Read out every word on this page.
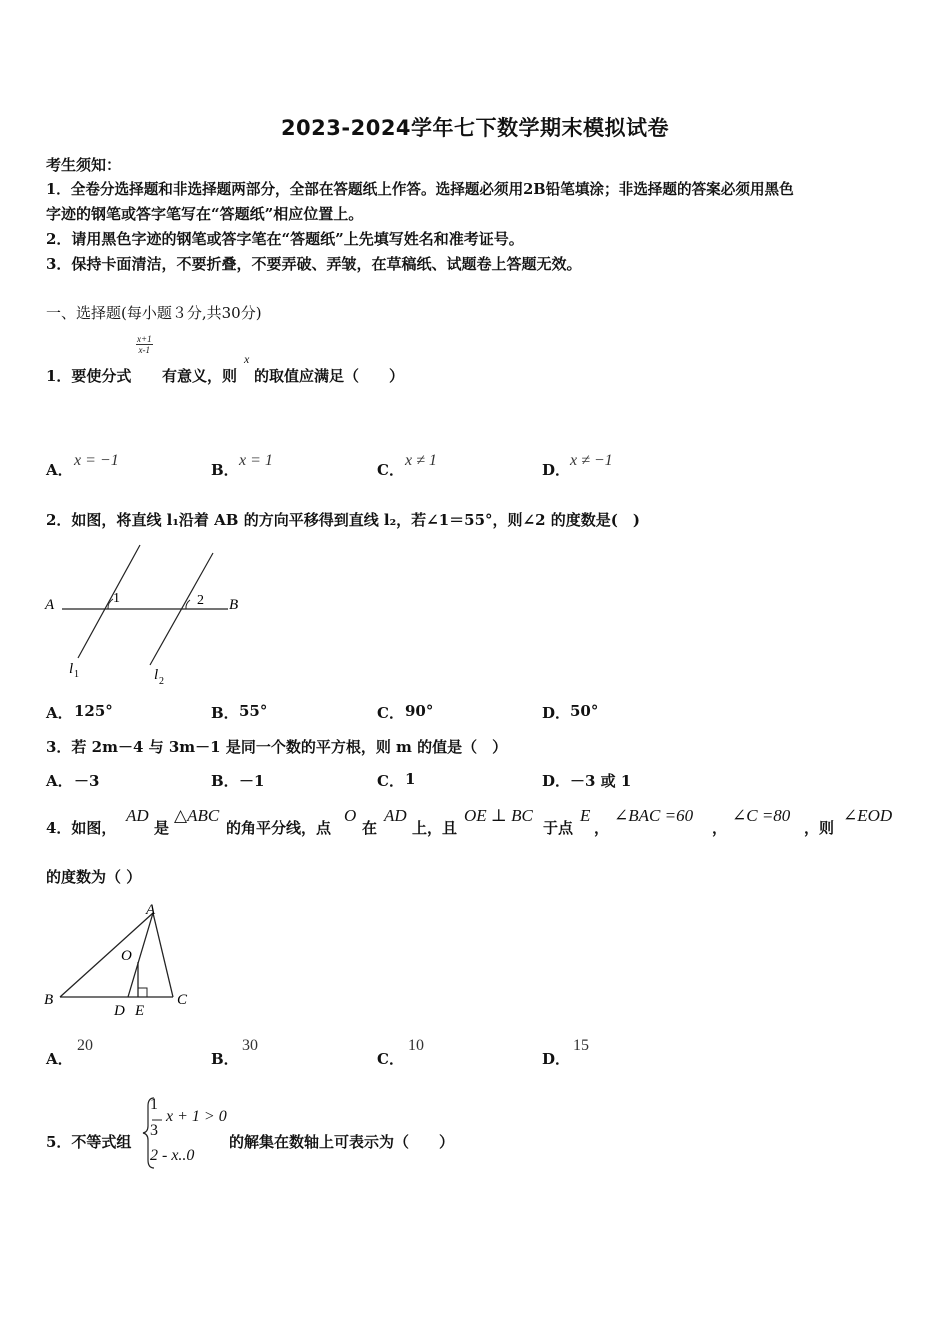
2023-2024学年七下数学期末模拟试卷
考生须知：
1．全卷分选择题和非选择题两部分，全部在答题纸上作答。选择题必须用2B铅笔填涂；非选择题的答案必须用黑色
字迹的钢笔或答字笔写在“答题纸”相应位置上。
2．请用黑色字迹的钢笔或答字笔在“答题纸”上先填写姓名和准考证号。
3．保持卡面清洁，不要折叠，不要弄破、弄皱，在草稿纸、试题卷上答题无效。
一、选择题(每小题３分,共30分)
1．要使分式
$\frac{x+1}{x-1}$
有意义，则
x
的取值应满足（　　）
A．
x = −1
B．
x = 1
C．
x ≠ 1
D．
x ≠ −1
2．如图，将直线 l₁沿着 AB 的方向平移得到直线 l₂，若∠1＝55°，则∠2 的度数是(　)
A	B
1	2
l 1	l 2
A． 125°	B． 55°	C． 90°	D． 50°
3．若 2m－4 与 3m－1 是同一个数的平方根，则 m 的值是（　）
A． －3	B． －1	C． 1	D． －3 或 1
4．如图，
AD
是
△ABC
的角平分线，点
O
在
AD
上，且
OE ⊥ BC
于点
E
，
∠BAC =60
，
∠C =80
，则
∠EOD
的度数为（ ）
A
B	C
D E
O
A．
20
B．
30
C．
10
D．
15
5．不等式组
1
3
x + 1 > 0
2 - x..0
的解集在数轴上可表示为（　　）
